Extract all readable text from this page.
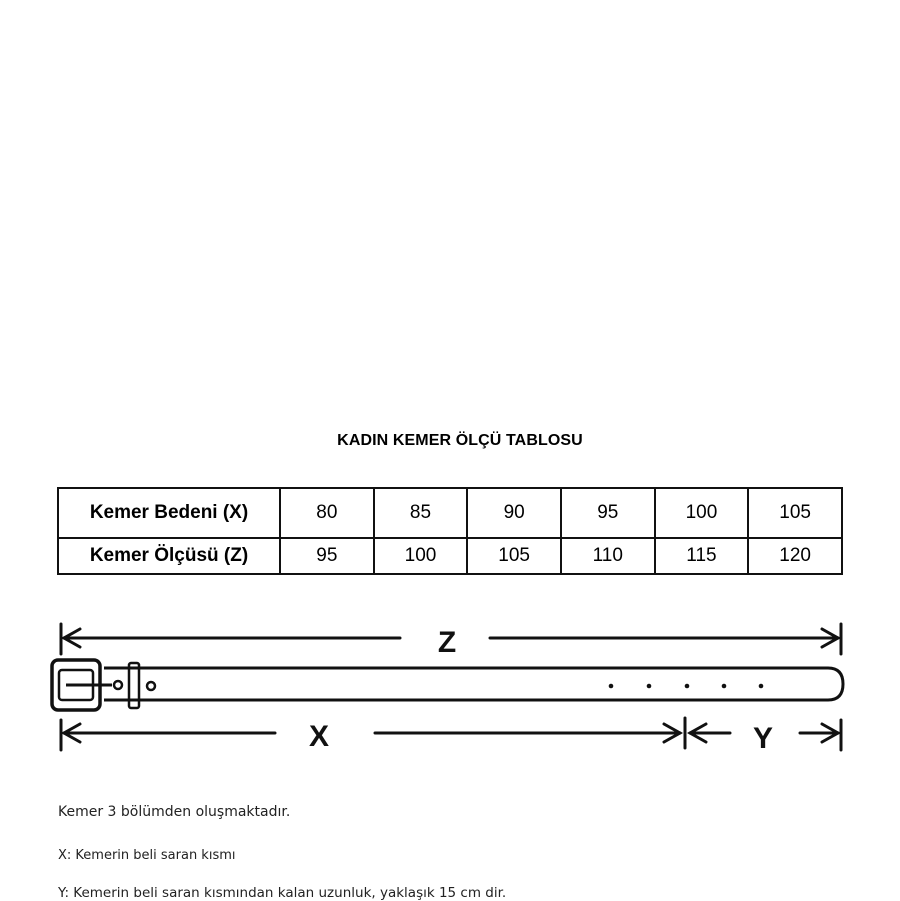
KADIN KEMER ÖLÇÜ TABLOSU
Kemer Bedeni (X)	80	85	90	95	100	105
Kemer Ölçüsü (Z)	95	100	105	110	115	120
Z
X	Y
Kemer 3 bölümden oluşmaktadır.
X: Kemerin beli saran kısmı
Y: Kemerin beli saran kısmından kalan uzunluk, yaklaşık 15 cm dir.
